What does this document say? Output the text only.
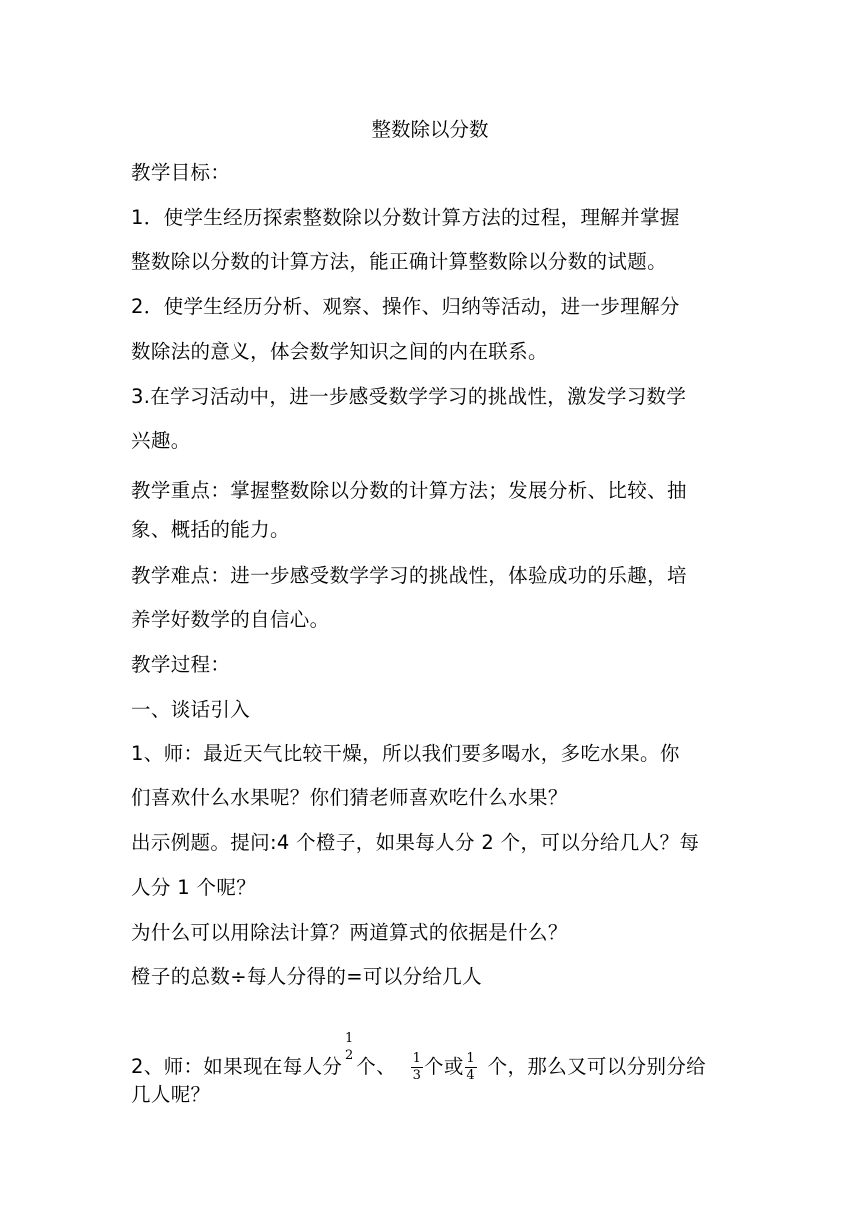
整数除以分数
教学目标：
1．使学生经历探索整数除以分数计算方法的过程，理解并掌握
整数除以分数的计算方法，能正确计算整数除以分数的试题。
2．使学生经历分析、观察、操作、归纳等活动，进一步理解分
数除法的意义，体会数学知识之间的内在联系。
3.在学习活动中，进一步感受数学学习的挑战性，激发学习数学
兴趣。
教学重点：掌握整数除以分数的计算方法；发展分析、比较、抽
象、概括的能力。
教学难点：进一步感受数学学习的挑战性，体验成功的乐趣，培
养学好数学的自信心。
教学过程：
一、谈话引入
1、师：最近天气比较干燥，所以我们要多喝水，多吃水果。你
们喜欢什么水果呢？你们猜老师喜欢吃什么水果？
出示例题。提问:4 个橙子，如果每人分 2 个，可以分给几人？每
人分 1 个呢？
为什么可以用除法计算？两道算式的依据是什么？
橙子的总数÷每人分得的=可以分给几人
2、师：如果现在每人分
1
2 个、 $\frac{1}{3}$ 个或 $\frac{1}{4}$ 个，那么又可以分别分给
几人呢？
